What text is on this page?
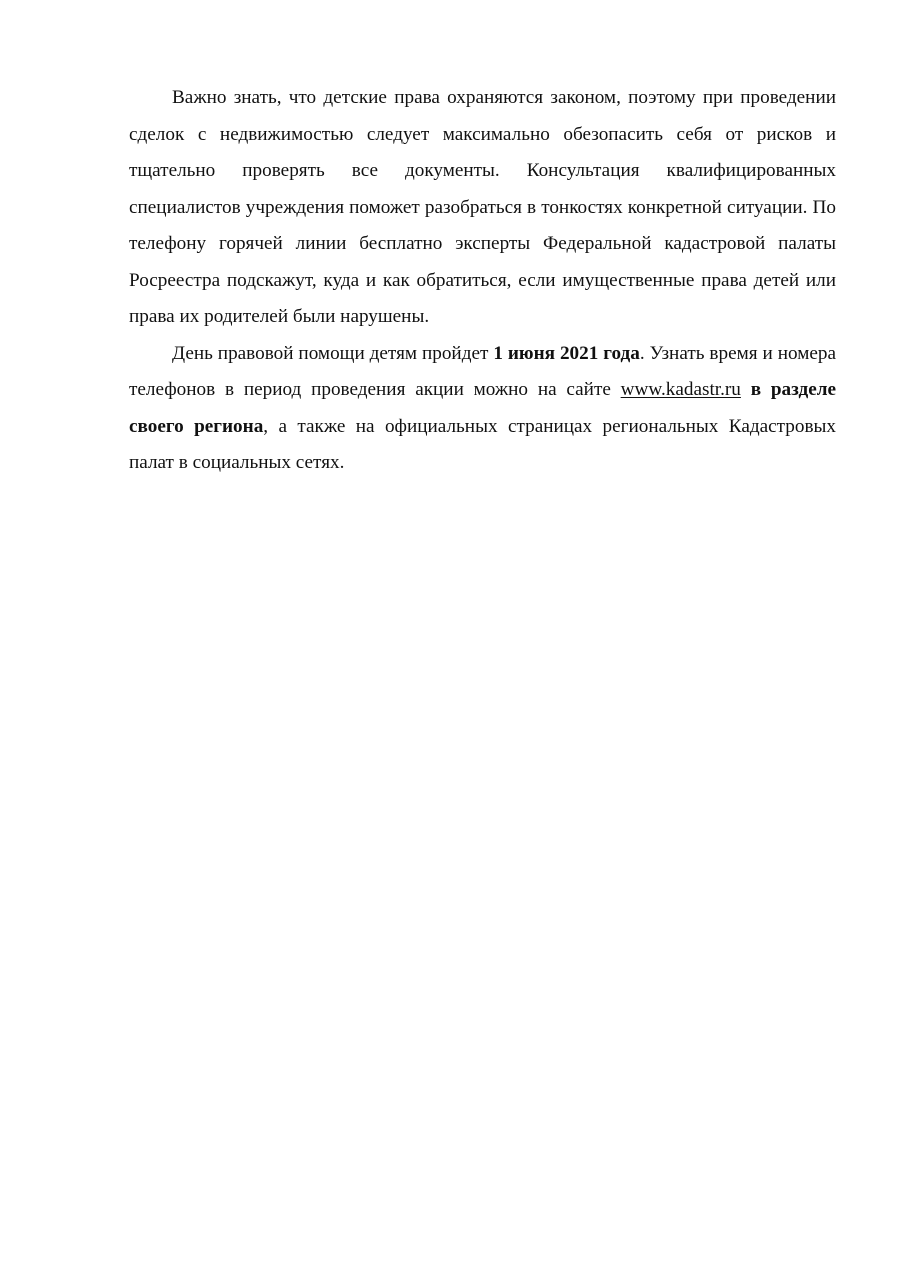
Важно знать, что детские права охраняются законом, поэтому при проведении сделок с недвижимостью следует максимально обезопасить себя от рисков и тщательно проверять все документы. Консультация квалифицированных специалистов учреждения поможет разобраться в тонкостях конкретной ситуации. По телефону горячей линии бесплатно эксперты Федеральной кадастровой палаты Росреестра подскажут, куда и как обратиться, если имущественные права детей или права их родителей были нарушены.

День правовой помощи детям пройдет 1 июня 2021 года. Узнать время и номера телефонов в период проведения акции можно на сайте www.kadastr.ru в разделе своего региона, а также на официальных страницах региональных Кадастровых палат в социальных сетях.
